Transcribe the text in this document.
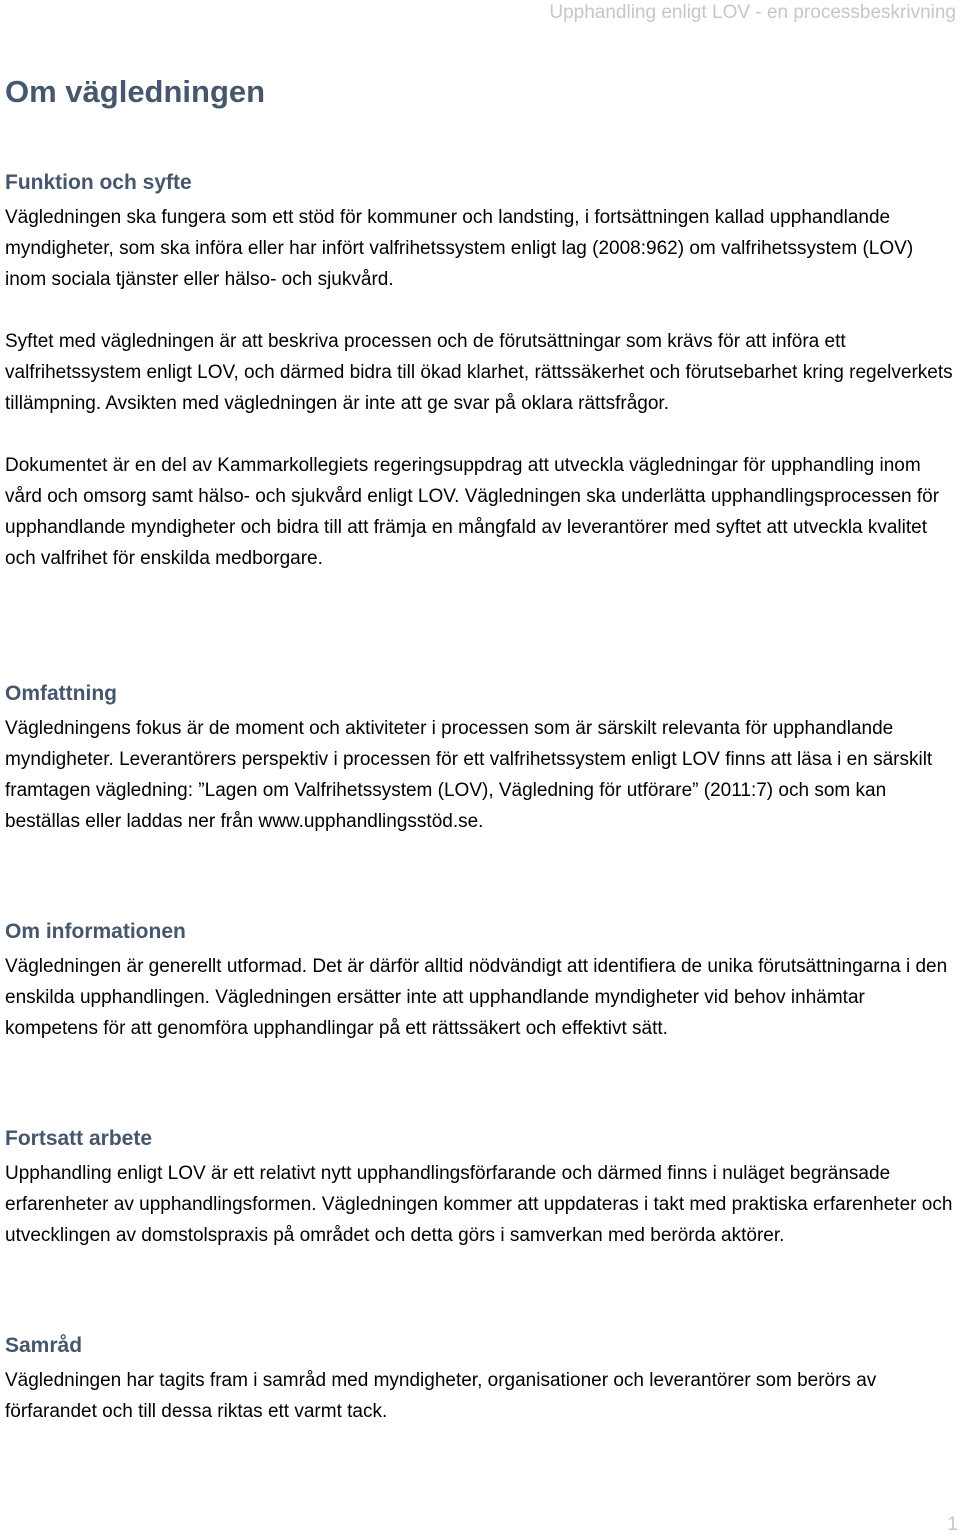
Upphandling enligt LOV - en processbeskrivning
Om vägledningen
Funktion och syfte

Vägledningen ska fungera som ett stöd för kommuner och landsting, i fortsättningen kallad upphandlande myndigheter, som ska införa eller har infört valfrihetssystem enligt lag (2008:962) om valfrihetssystem (LOV) inom sociala tjänster eller hälso- och sjukvård.

Syftet med vägledningen är att beskriva processen och de förutsättningar som krävs för att införa ett valfrihetssystem enligt LOV, och därmed bidra till ökad klarhet, rättssäkerhet och förutsebarhet kring regelverkets tillämpning. Avsikten med vägledningen är inte att ge svar på oklara rättsfrågor.

Dokumentet är en del av Kammarkollegiets regeringsuppdrag att utveckla vägledningar för upphandling inom vård och omsorg samt hälso- och sjukvård enligt LOV. Vägledningen ska underlätta upphandlingsprocessen för upphandlande myndigheter och bidra till att främja en mångfald av leverantörer med syftet att utveckla kvalitet och valfrihet för enskilda medborgare.

Omfattning

Vägledningens fokus är de moment och aktiviteter i processen som är särskilt relevanta för upphandlande myndigheter. Leverantörers perspektiv i processen för ett valfrihetssystem enligt LOV finns att läsa i en särskilt framtagen vägledning: ”Lagen om Valfrihetssystem (LOV), Vägledning för utförare” (2011:7) och som kan beställas eller laddas ner från www.upphandlingsstöd.se.

Om informationen

Vägledningen är generellt utformad. Det är därför alltid nödvändigt att identifiera de unika förutsättningarna i den enskilda upphandlingen. Vägledningen ersätter inte att upphandlande myndigheter vid behov inhämtar kompetens för att genomföra upphandlingar på ett rättssäkert och effektivt sätt.

Fortsatt arbete

Upphandling enligt LOV är ett relativt nytt upphandlingsförfarande och därmed finns i nuläget begränsade erfarenheter av upphandlingsformen. Vägledningen kommer att uppdateras i takt med praktiska erfarenheter och utvecklingen av domstolspraxis på området och detta görs i samverkan med berörda aktörer.

Samråd

Vägledningen har tagits fram i samråd med myndigheter, organisationer och leverantörer som berörs av förfarandet och till dessa riktas ett varmt tack.

1
